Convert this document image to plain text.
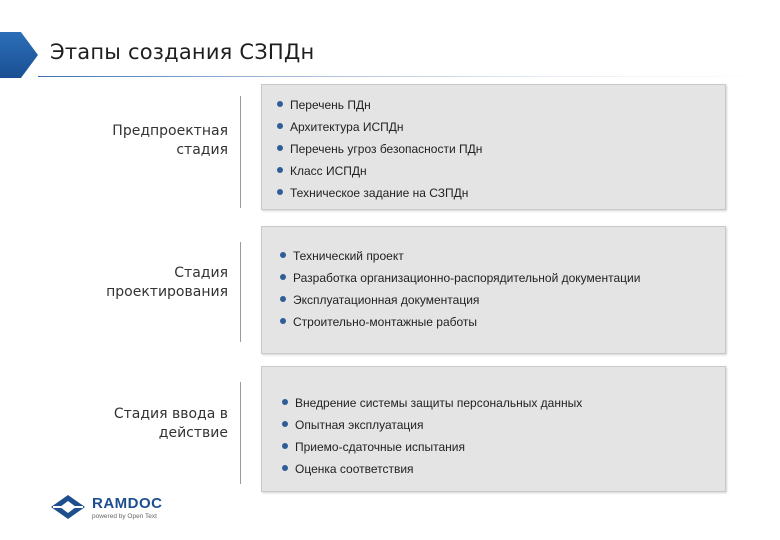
Этапы создания СЗПДн
Предпроектная
стадия
Перечень ПДн
Архитектура ИСПДн
Перечень угроз безопасности ПДн
Класс ИСПДн
Техническое задание на СЗПДн
Стадия
проектирования
Технический проект
Разработка организационно-распорядительной документации
Эксплуатационная документация
Строительно-монтажные работы
Стадия ввода в
действие
Внедрение системы защиты персональных данных
Опытная эксплуатация
Приемо-сдаточные испытания
Оценка соответствия
RAMDOC
powered by Open Text
